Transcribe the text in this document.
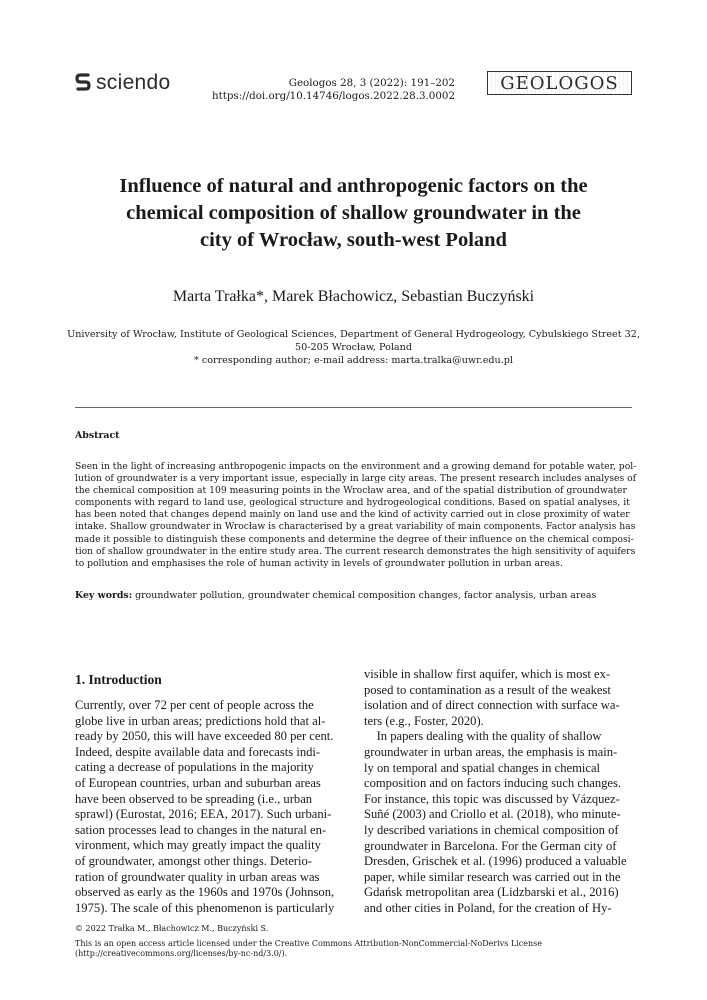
sciendo	Geologos 28, 3 (2022): 191–202
https://doi.org/10.14746/logos.2022.28.3.0002
GEOLOGOS
Influence of natural and anthropogenic factors on the
chemical composition of shallow groundwater in the
city of Wrocław, south-west Poland
Marta Trałka*, Marek Błachowicz, Sebastian Buczyński
University of Wrocław, Institute of Geological Sciences, Department of General Hydrogeology, Cybulskiego Street 32,
50-205 Wrocław, Poland
* corresponding author; e-mail address: marta.tralka@uwr.edu.pl
Abstract
Seen in the light of increasing anthropogenic impacts on the environment and a growing demand for potable water, pol-
lution of groundwater is a very important issue, especially in large city areas. The present research includes analyses of
the chemical composition at 109 measuring points in the Wrocław area, and of the spatial distribution of groundwater
components with regard to land use, geological structure and hydrogeological conditions. Based on spatial analyses, it
has been noted that changes depend mainly on land use and the kind of activity carried out in close proximity of water
intake. Shallow groundwater in Wrocław is characterised by a great variability of main components. Factor analysis has
made it possible to distinguish these components and determine the degree of their influence on the chemical composi-
tion of shallow groundwater in the entire study area. The current research demonstrates the high sensitivity of aquifers
to pollution and emphasises the role of human activity in levels of groundwater pollution in urban areas.
Key words: groundwater pollution, groundwater chemical composition changes, factor analysis, urban areas
1. Introduction
Currently, over 72 per cent of people across the
globe live in urban areas; predictions hold that al-
ready by 2050, this will have exceeded 80 per cent.
Indeed, despite available data and forecasts indi-
cating a decrease of populations in the majority
of European countries, urban and suburban areas
have been observed to be spreading (i.e., urban
sprawl) (Eurostat, 2016; EEA, 2017). Such urbani-
sation processes lead to changes in the natural en-
vironment, which may greatly impact the quality
of groundwater, amongst other things. Deterio-
ration of groundwater quality in urban areas was
observed as early as the 1960s and 1970s (Johnson,
1975). The scale of this phenomenon is particularly
visible in shallow first aquifer, which is most ex-
posed to contamination as a result of the weakest
isolation and of direct connection with surface wa-
ters (e.g., Foster, 2020).
In papers dealing with the quality of shallow
groundwater in urban areas, the emphasis is main-
ly on temporal and spatial changes in chemical
composition and on factors inducing such changes.
For instance, this topic was discussed by Vázquez-
Suñé (2003) and Criollo et al. (2018), who minute-
ly described variations in chemical composition of
groundwater in Barcelona. For the German city of
Dresden, Grischek et al. (1996) produced a valuable
paper, while similar research was carried out in the
Gdańsk metropolitan area (Lidzbarski et al., 2016)
and other cities in Poland, for the creation of Hy-
© 2022 Trałka M., Błachowicz M., Buczyński S.
This is an open access article licensed under the Creative Commons Attribution-NonCommercial-NoDerivs License
(http://creativecommons.org/licenses/by-nc-nd/3.0/).
